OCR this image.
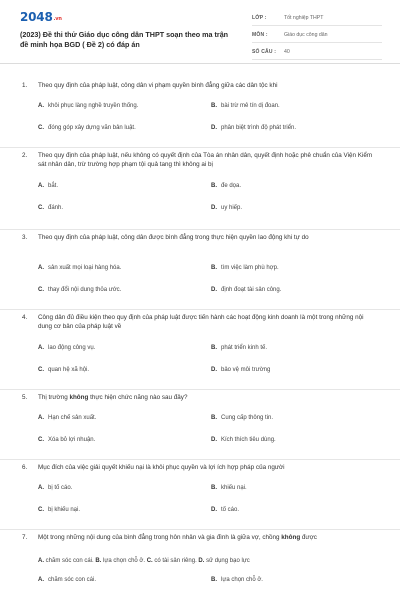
2048.vn
(2023) Đề thi thử Giáo dục công dân THPT soạn theo ma trận đề minh họa BGD ( Đề 2) có đáp án
LỚP :	Tốt nghiệp THPT
MÔN :	Giáo dục công dân
SỐ CÂU :	40
1. Theo quy định của pháp luật, công dân vi phạm quyền bình đẳng giữa các dân tộc khi
A. khôi phục làng nghề truyền thống.	B. bài trừ mê tín dị đoan.
C. đóng góp xây dựng văn bản luật.	D. phân biệt trình độ phát triển.
2. Theo quy định của pháp luật, nếu không có quyết định của Tòa án nhân dân, quyết định hoặc phê chuẩn của Viện Kiểm sát nhân dân, trừ trường hợp phạm tội quả tang thì không ai bị
A. bắt.	B. đe dọa.
C. đánh.	D. uy hiếp.
3. Theo quy định của pháp luật, công dân được bình đẳng trong thực hiện quyền lao động khi tự do
A. sản xuất mọi loại hàng hóa.	B. tìm việc làm phù hợp.
C. thay đổi nội dung thỏa ước.	D. định đoạt tài sản công.
4. Công dân đủ điều kiện theo quy định của pháp luật được tiến hành các hoạt động kinh doanh là một trong những nội dung cơ bản của pháp luật về
A. lao động công vụ.	B. phát triển kinh tế.
C. quan hệ xã hội.	D. bảo vệ môi trường
5. Thị trường không thực hiện chức năng nào sau đây?
A. Hạn chế sản xuất.	B. Cung cấp thông tin.
C. Xóa bỏ lợi nhuận.	D. Kích thích tiêu dùng.
6. Mục đích của việc giải quyết khiếu nại là khôi phục quyền và lợi ích hợp pháp của người
A. bị tố cáo.	B. khiếu nại.
C. bị khiếu nại.	D. tố cáo.
7. Một trong những nội dung của bình đẳng trong hôn nhân và gia đình là giữa vợ, chồng không được
A. chăm sóc con cái. B. lựa chọn chỗ ở. C. có tài sản riêng. D. sử dụng bạo lực
A. chăm sóc con cái.	B. lựa chọn chỗ ở.
